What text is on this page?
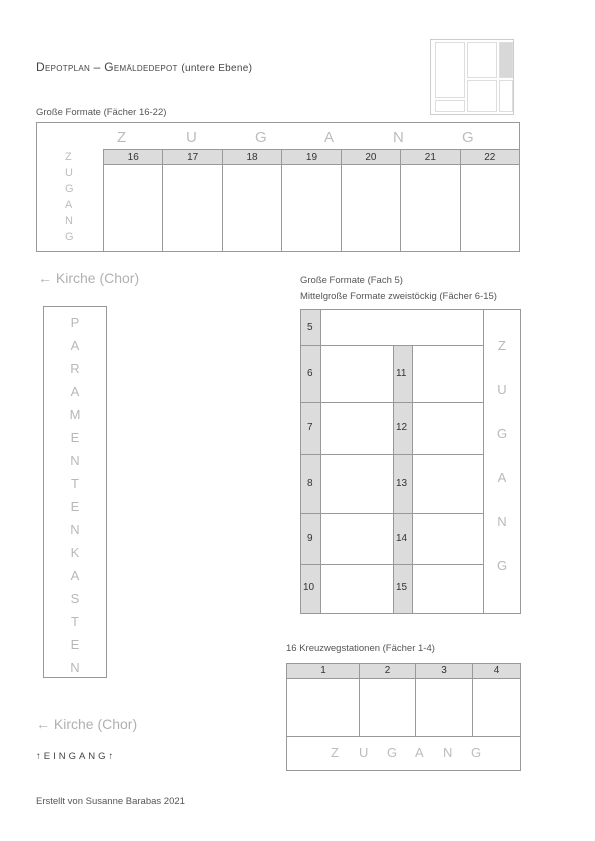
Depotplan – Gemäldedepot (untere Ebene)
Große Formate (Fächer 16-22)
Z	U	G	A	N	G
Z
U
G
A
N
G
16	17	18	19	20	21	22
← Kirche (Chor)
← Kirche (Chor)
P
A
R
A
M
E
N
T
E
N
K
A
S
T
E
N
Große Formate (Fach 5)
Mittelgroße Formate zweistöckig (Fächer 6-15)
5
6	11
7	12
8	13
9	14
10	15
Z
U
G
A
N
G
16 Kreuzwegstationen (Fächer 1-4)
1	2	3	4
Z U G A N G
↑EINGANG↑
Erstellt von Susanne Barabas 2021
